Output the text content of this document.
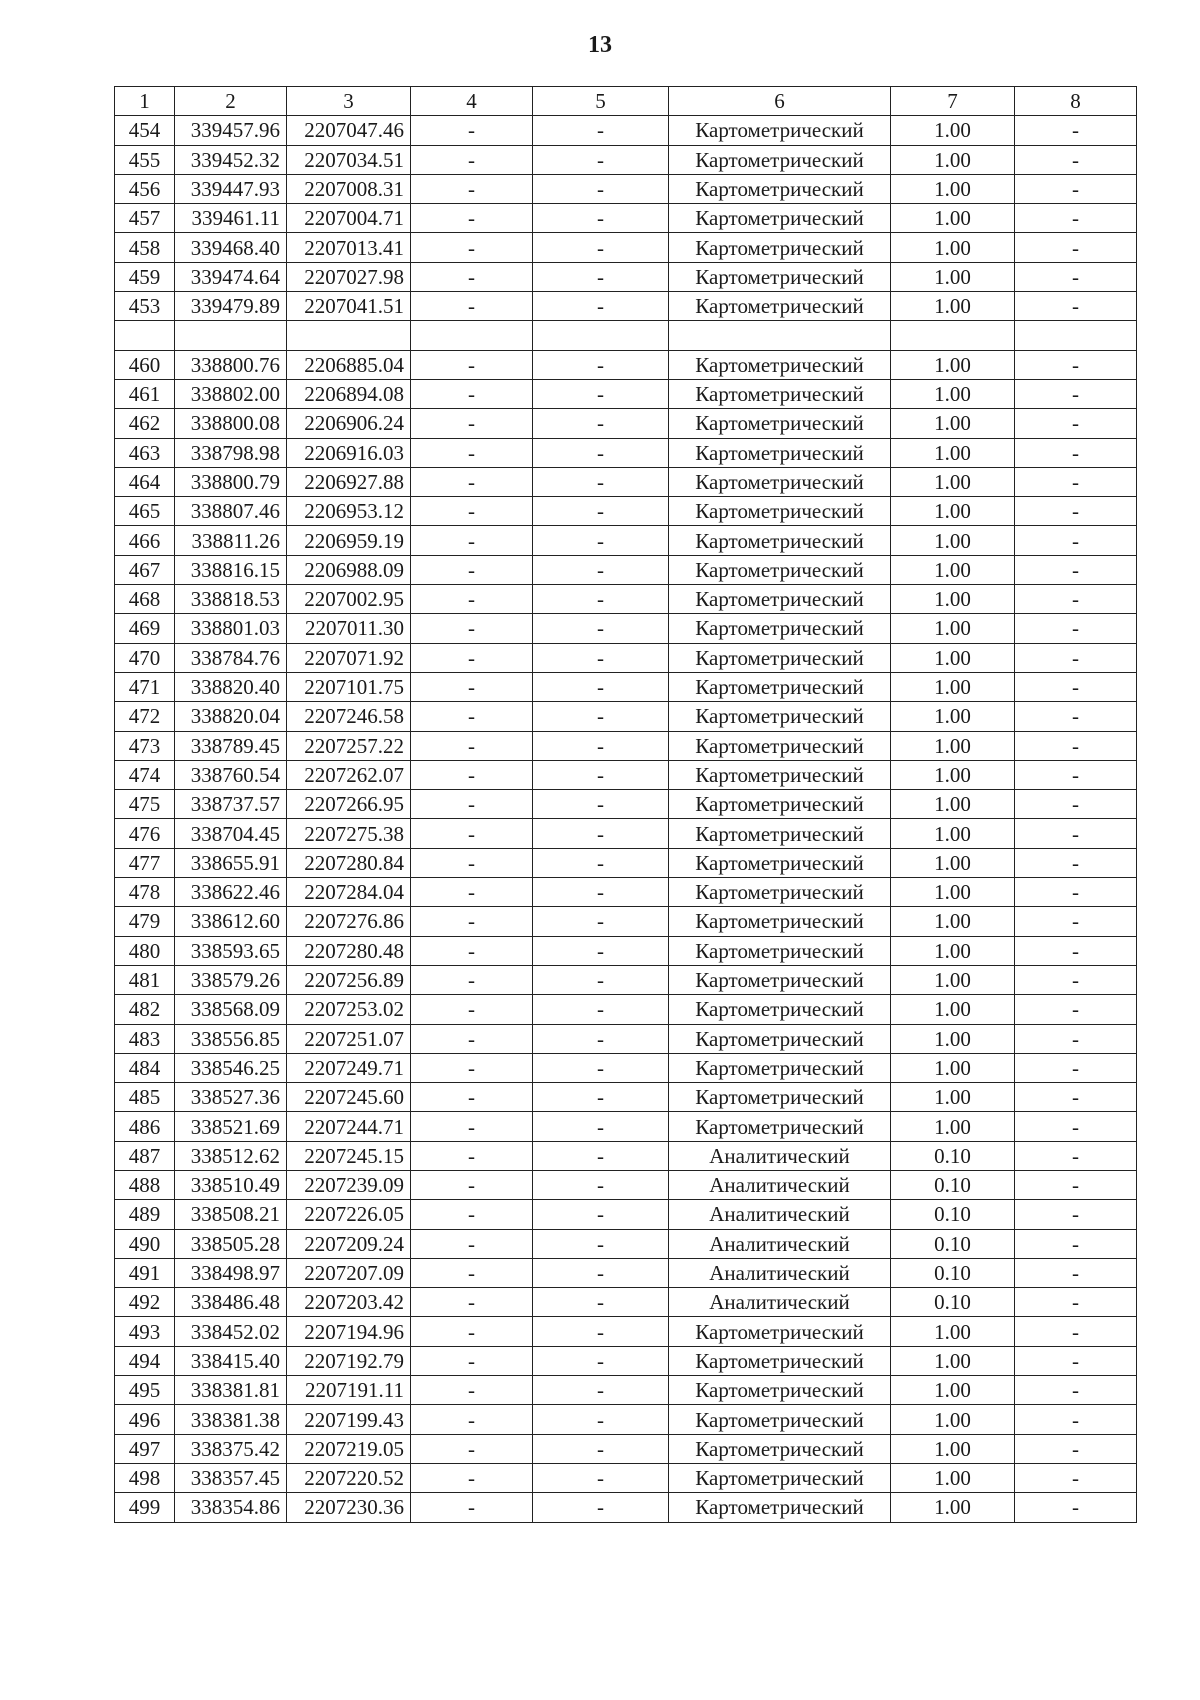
13
1	2	3	4	5	6	7	8
454	339457.96	2207047.46	-	-	Картометрический	1.00	-
455	339452.32	2207034.51	-	-	Картометрический	1.00	-
456	339447.93	2207008.31	-	-	Картометрический	1.00	-
457	339461.11	2207004.71	-	-	Картометрический	1.00	-
458	339468.40	2207013.41	-	-	Картометрический	1.00	-
459	339474.64	2207027.98	-	-	Картометрический	1.00	-
453	339479.89	2207041.51	-	-	Картометрический	1.00	-

460	338800.76	2206885.04	-	-	Картометрический	1.00	-
461	338802.00	2206894.08	-	-	Картометрический	1.00	-
462	338800.08	2206906.24	-	-	Картометрический	1.00	-
463	338798.98	2206916.03	-	-	Картометрический	1.00	-
464	338800.79	2206927.88	-	-	Картометрический	1.00	-
465	338807.46	2206953.12	-	-	Картометрический	1.00	-
466	338811.26	2206959.19	-	-	Картометрический	1.00	-
467	338816.15	2206988.09	-	-	Картометрический	1.00	-
468	338818.53	2207002.95	-	-	Картометрический	1.00	-
469	338801.03	2207011.30	-	-	Картометрический	1.00	-
470	338784.76	2207071.92	-	-	Картометрический	1.00	-
471	338820.40	2207101.75	-	-	Картометрический	1.00	-
472	338820.04	2207246.58	-	-	Картометрический	1.00	-
473	338789.45	2207257.22	-	-	Картометрический	1.00	-
474	338760.54	2207262.07	-	-	Картометрический	1.00	-
475	338737.57	2207266.95	-	-	Картометрический	1.00	-
476	338704.45	2207275.38	-	-	Картометрический	1.00	-
477	338655.91	2207280.84	-	-	Картометрический	1.00	-
478	338622.46	2207284.04	-	-	Картометрический	1.00	-
479	338612.60	2207276.86	-	-	Картометрический	1.00	-
480	338593.65	2207280.48	-	-	Картометрический	1.00	-
481	338579.26	2207256.89	-	-	Картометрический	1.00	-
482	338568.09	2207253.02	-	-	Картометрический	1.00	-
483	338556.85	2207251.07	-	-	Картометрический	1.00	-
484	338546.25	2207249.71	-	-	Картометрический	1.00	-
485	338527.36	2207245.60	-	-	Картометрический	1.00	-
486	338521.69	2207244.71	-	-	Картометрический	1.00	-
487	338512.62	2207245.15	-	-	Аналитический	0.10	-
488	338510.49	2207239.09	-	-	Аналитический	0.10	-
489	338508.21	2207226.05	-	-	Аналитический	0.10	-
490	338505.28	2207209.24	-	-	Аналитический	0.10	-
491	338498.97	2207207.09	-	-	Аналитический	0.10	-
492	338486.48	2207203.42	-	-	Аналитический	0.10	-
493	338452.02	2207194.96	-	-	Картометрический	1.00	-
494	338415.40	2207192.79	-	-	Картометрический	1.00	-
495	338381.81	2207191.11	-	-	Картометрический	1.00	-
496	338381.38	2207199.43	-	-	Картометрический	1.00	-
497	338375.42	2207219.05	-	-	Картометрический	1.00	-
498	338357.45	2207220.52	-	-	Картометрический	1.00	-
499	338354.86	2207230.36	-	-	Картометрический	1.00	-
